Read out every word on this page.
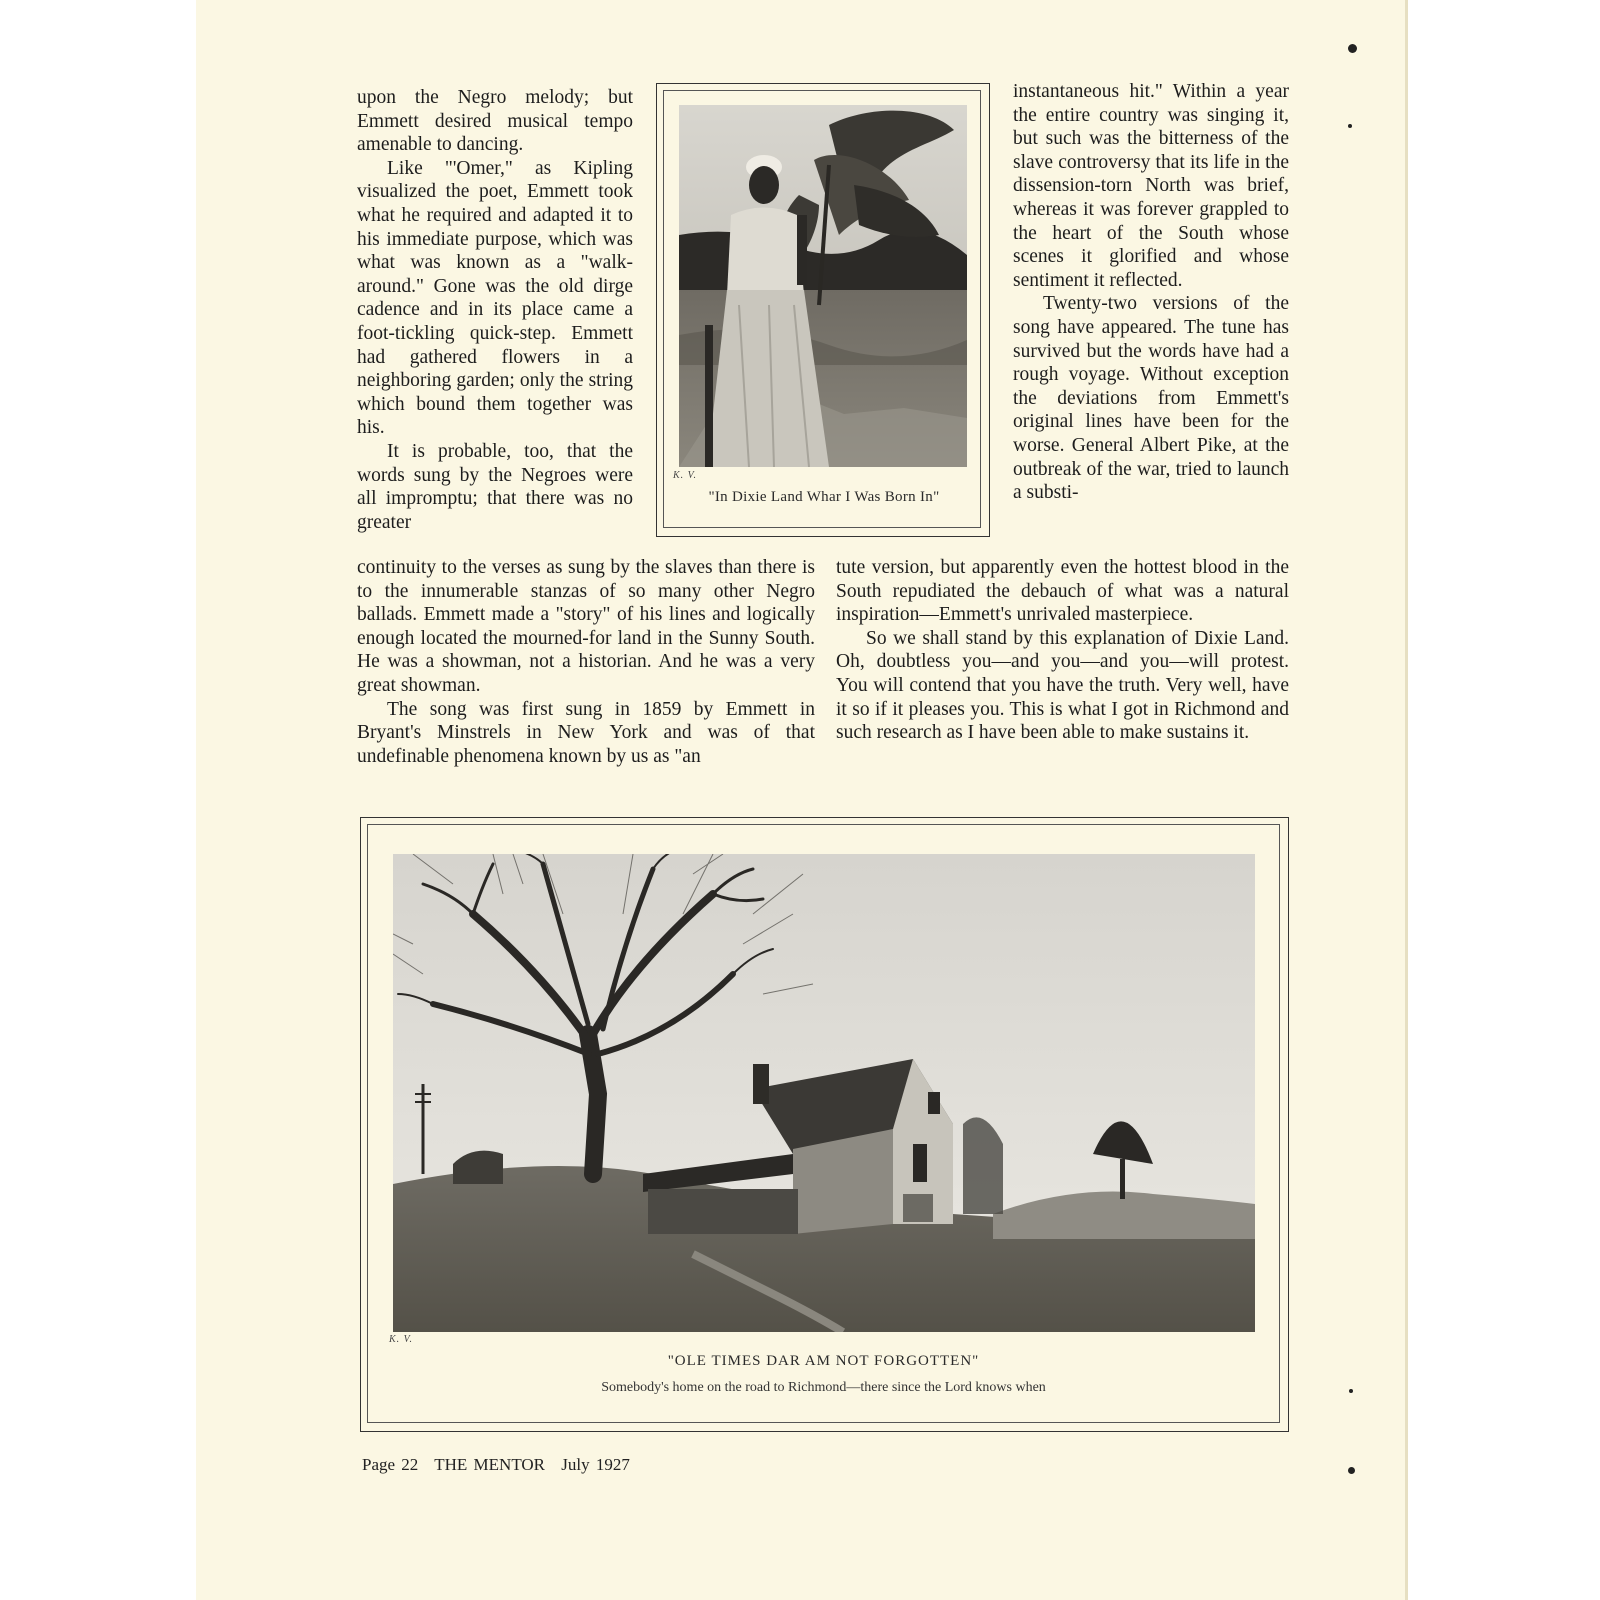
upon the Negro melody; but Emmett desired musical tempo amenable to dancing.

Like "'Omer," as Kipling visualized the poet, Emmett took what he required and adapted it to his immediate purpose, which was what was known as a "walk-around." Gone was the old dirge cadence and in its place came a foot-tickling quick-step. Emmett had gathered flowers in a neighboring garden; only the string which bound them together was his.

It is probable, too, that the words sung by the Negroes were all impromptu; that there was no greater

continuity to the verses as sung by the slaves than there is to the innumerable stanzas of so many other Negro ballads. Emmett made a "story" of his lines and logically enough located the mourned-for land in the Sunny South. He was a showman, not a historian. And he was a very great showman.

The song was first sung in 1859 by Emmett in Bryant's Minstrels in New York and was of that undefinable phenomena known by us as "an

instantaneous hit." Within a year the entire country was singing it, but such was the bitterness of the slave controversy that its life in the dissension-torn North was brief, whereas it was forever grappled to the heart of the South whose scenes it glorified and whose sentiment it reflected.

Twenty-two versions of the song have appeared. The tune has survived but the words have had a rough voyage. Without exception the deviations from Emmett's original lines have been for the worse. General Albert Pike, at the outbreak of the war, tried to launch a substi-

tute version, but apparently even the hottest blood in the South repudiated the debauch of what was a natural inspiration—Emmett's unrivaled masterpiece.

So we shall stand by this explanation of Dixie Land. Oh, doubtless you—and you—and you—will protest. You will contend that you have the truth. Very well, have it so if it pleases you. This is what I got in Richmond and such research as I have been able to make sustains it.

K. V.
"In Dixie Land Whar I Was Born In"
K. V.
"OLE TIMES DAR AM NOT FORGOTTEN"
Somebody's home on the road to Richmond—there since the Lord knows when
Page 22 THE MENTOR July 1927
